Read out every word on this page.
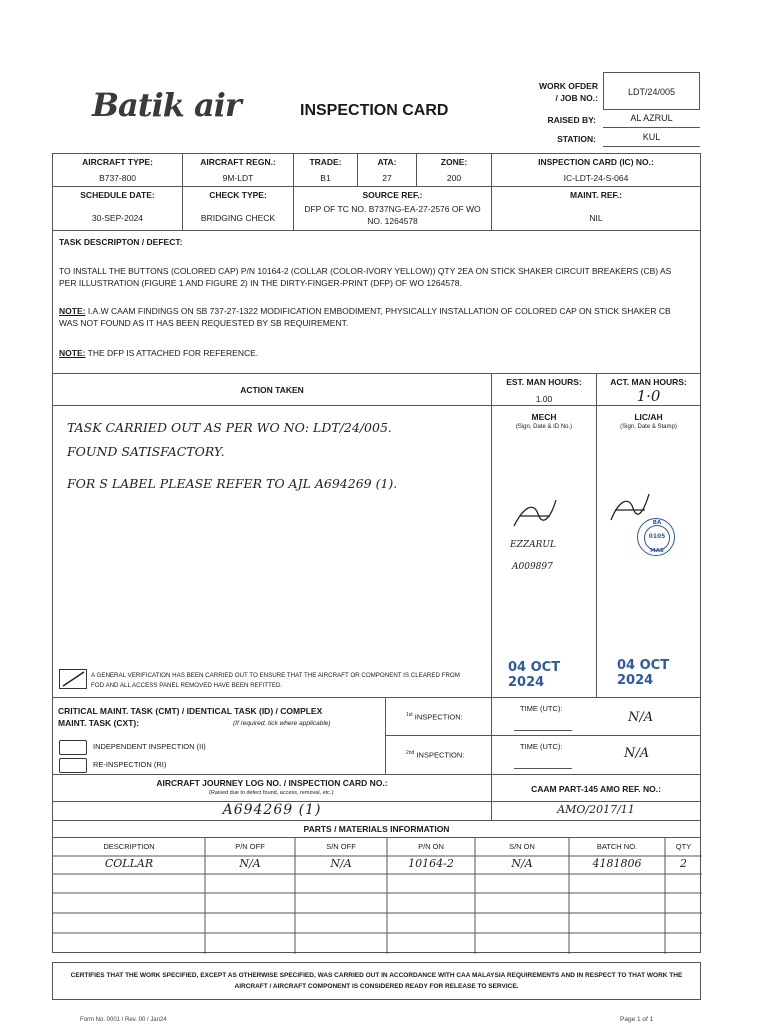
Batik air	INSPECTION CARD
WORK OFDER
/ JOB NO.:
LDT/24/005
RAISED BY:	AL AZRUL
STATION:	KUL
AIRCRAFT TYPE:
B737-800
AIRCRAFT REGN.:
9M-LDT
TRADE:
B1
ATA:
27
ZONE:
200
INSPECTION CARD (IC) NO.:
IC-LDT-24-S-064
SCHEDULE DATE:
30-SEP-2024
CHECK TYPE:
BRIDGING CHECK
SOURCE REF.:
DFP OF TC NO. B737NG-EA-27-2576 OF WO NO. 1264578
MAINT. REF.:
NIL
TASK DESCRIPTON / DEFECT:
TO INSTALL THE BUTTONS (COLORED CAP) P/N 10164-2 (COLLAR (COLOR-IVORY YELLOW)) QTY 2EA ON STICK SHAKER CIRCUIT BREAKERS (CB) AS PER ILLUSTRATION (FIGURE 1 AND FIGURE 2) IN THE DIRTY-FINGER-PRINT (DFP) OF WO 1264578.
NOTE: I.A.W CAAM FINDINGS ON SB 737-27-1322 MODIFICATION EMBODIMENT, PHYSICALLY INSTALLATION OF COLORED CAP ON STICK SHAKER CB WAS NOT FOUND AS IT HAS BEEN REQUESTED BY SB REQUIREMENT.
NOTE: THE DFP IS ATTACHED FOR REFERENCE.
ACTION TAKEN
EST. MAN HOURS:
1.00
ACT. MAN HOURS:
1·0
TASK CARRIED OUT AS PER WO NO: LDT/24/005.
FOUND SATISFACTORY.
FOR S LABEL PLEASE REFER TO AJL A694269 (1).
A GENERAL VERIFICATION HAS BEEN CARRIED OUT TO ENSURE THAT THE AIRCRAFT OR COMPONENT IS CLEARED FROM FOD AND ALL ACCESS PANEL REMOVED HAVE BEEN REFITTED.
MECH
(Sign, Date & ID No.)
EZZARUL
A009897
04 OCT 2024
LIC/AH
(Sign, Date & Stamp)
BA
0105
MAS
04 OCT 2024
CRITICAL MAINT. TASK (CMT) / IDENTICAL TASK (ID) / COMPLEX
MAINT. TASK (CXT):	(If required, tick where applicable)
INDEPENDENT INSPECTION (II)
RE-INSPECTION (RI)
$^{1st}$ INSPECTION:
TIME (UTC):
N/A
$^{2nd}$ INSPECTION:
TIME (UTC):	N/A
AIRCRAFT JOURNEY LOG NO. / INSPECTION CARD NO.:
(Raised due to defect found, access, removal, etc.):	CAAM PART-145 AMO REF. NO.:
A694269 (1)	AMO/2017/11
PARTS / MATERIALS INFORMATION
DESCRIPTION	P/N OFF	S/N OFF	P/N ON	S/N ON	BATCH NO.	QTY
COLLAR	N/A	N/A	10164-2	N/A	4181806	2
CERTIFIES THAT THE WORK SPECIFIED, EXCEPT AS OTHERWISE SPECIFIED, WAS CARRIED OUT IN ACCORDANCE WITH CAA MALAYSIA REQUIREMENTS AND IN RESPECT TO THAT WORK THE AIRCRAFT / AIRCRAFT COMPONENT IS CONSIDERED READY FOR RELEASE TO SERVICE.
Form No. 0001 / Rev. 00 / Jan24	Page 1 of 1
